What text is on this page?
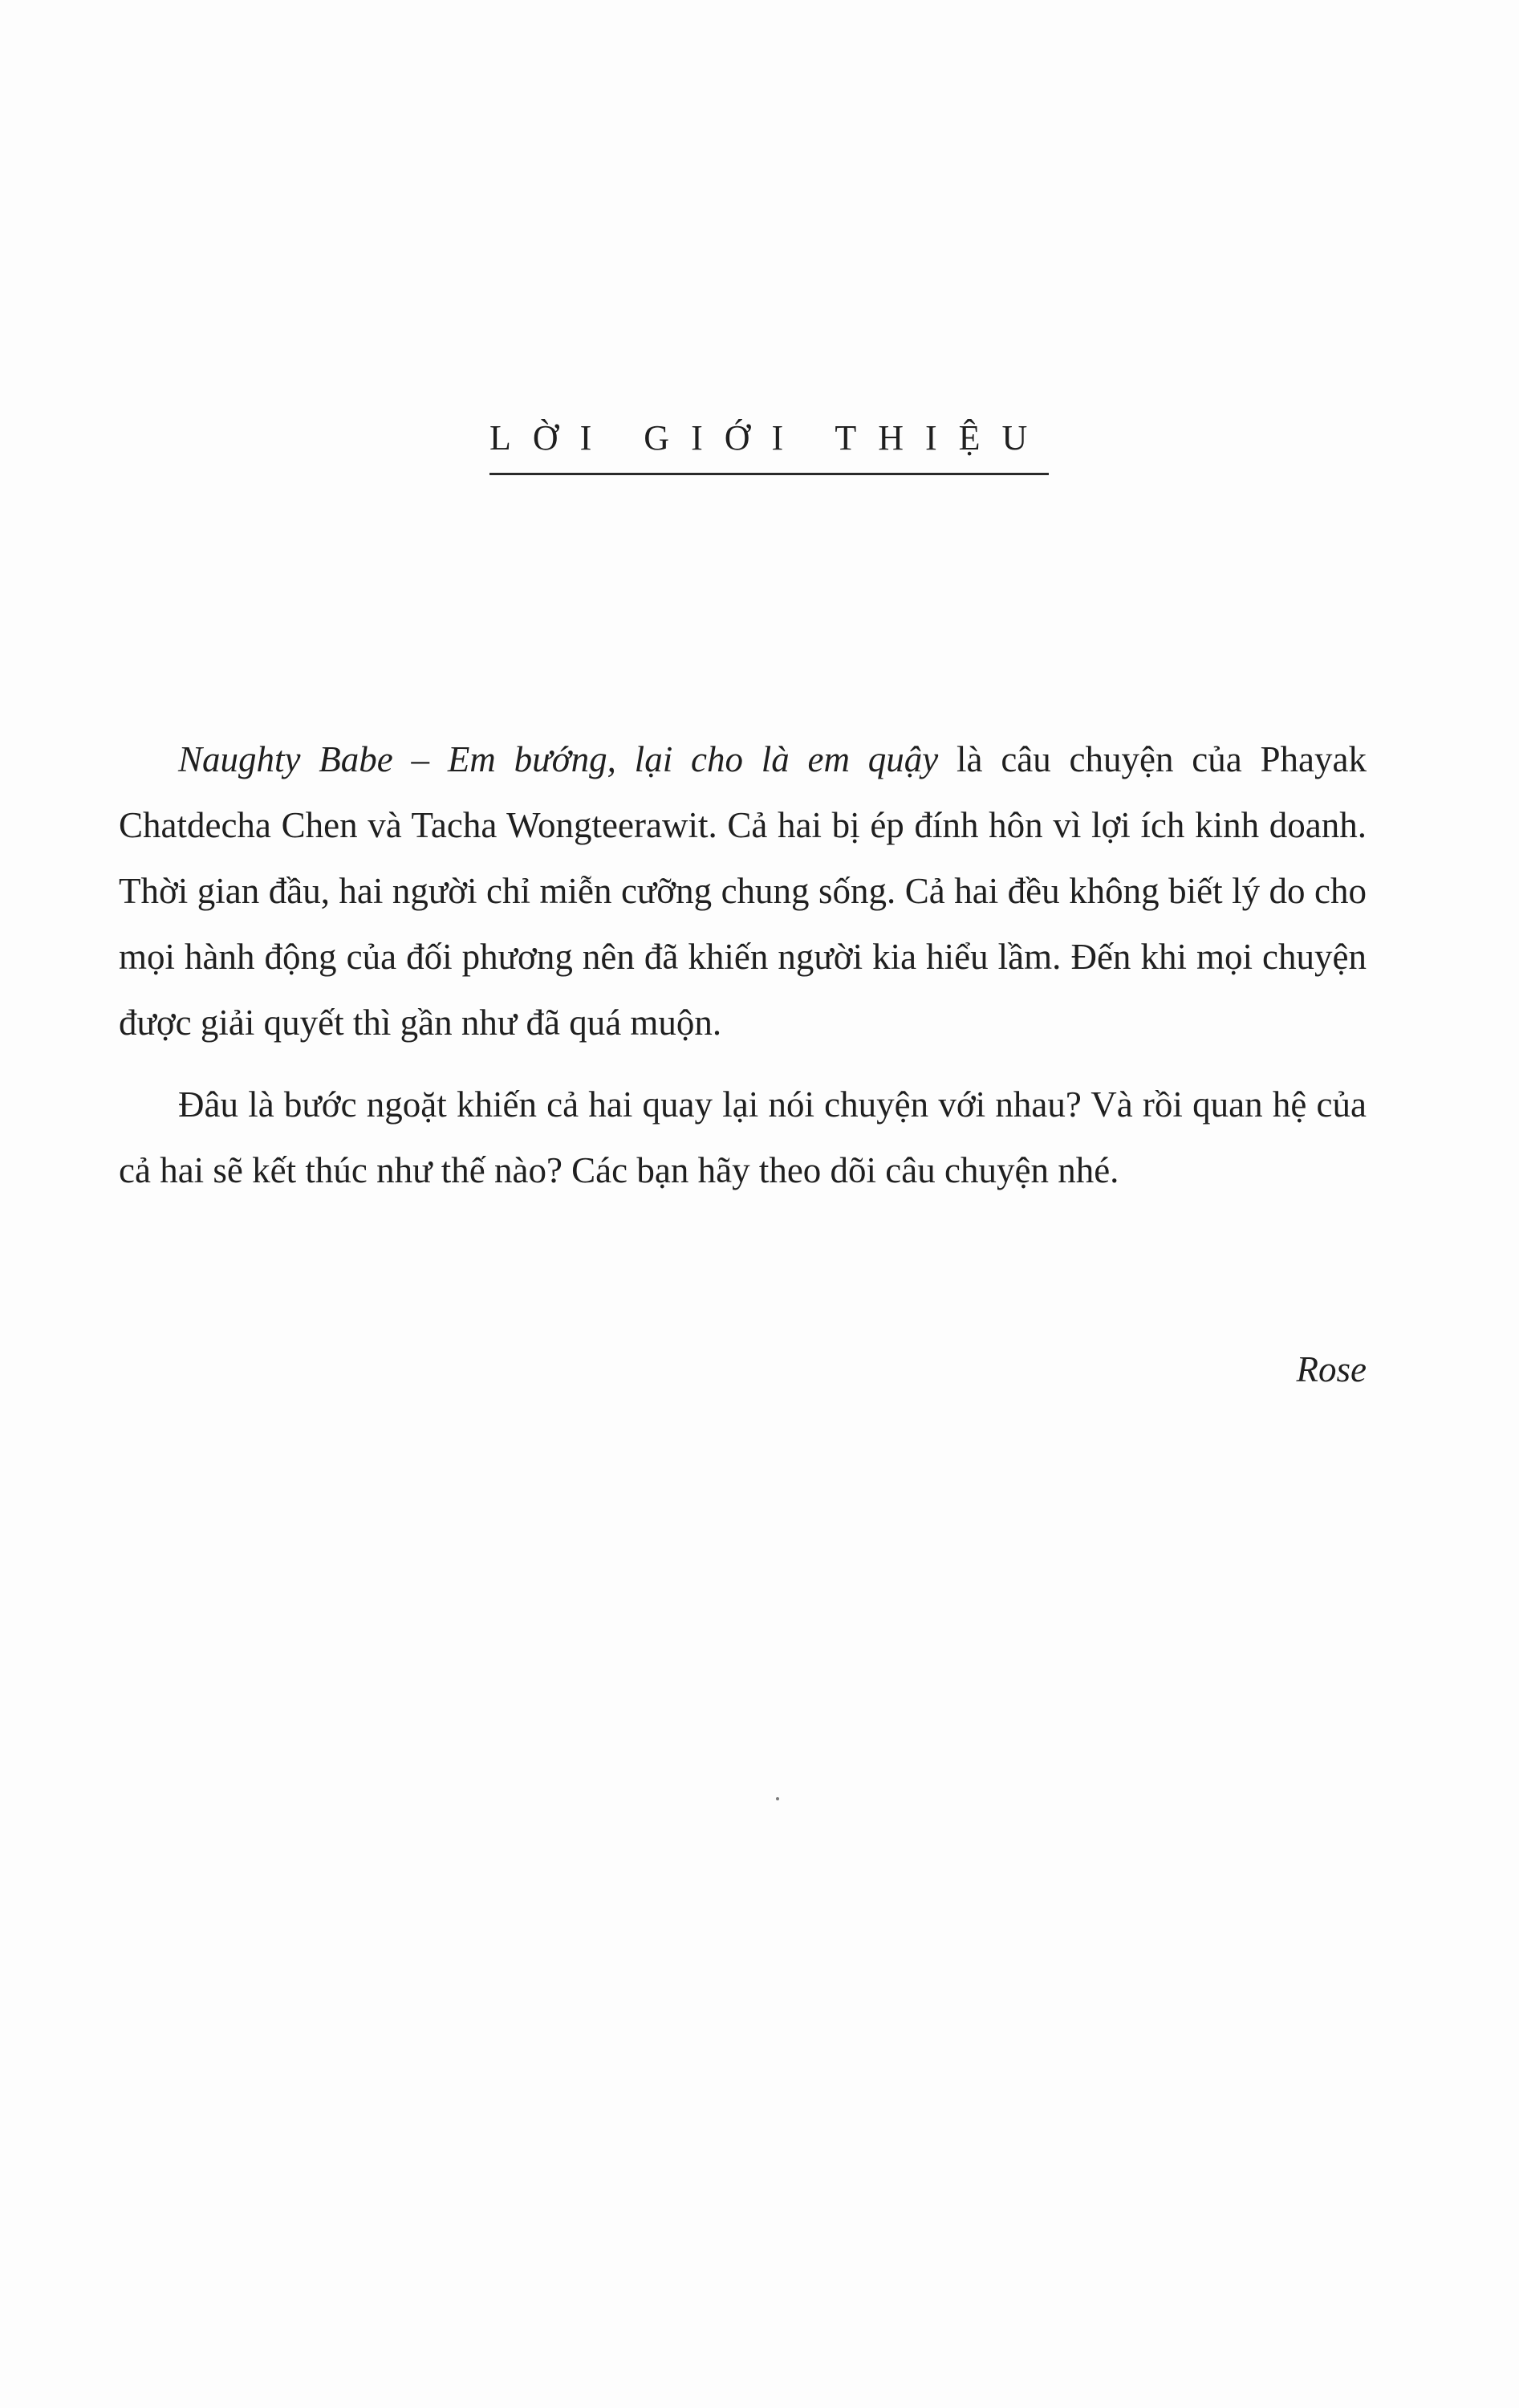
LỜI GIỚI THIỆU

Naughty Babe – Em bướng, lại cho là em quậy là câu chuyện của Phayak Chatdecha Chen và Tacha Wongteerawit. Cả hai bị ép đính hôn vì lợi ích kinh doanh. Thời gian đầu, hai người chỉ miễn cưỡng chung sống. Cả hai đều không biết lý do cho mọi hành động của đối phương nên đã khiến người kia hiểu lầm. Đến khi mọi chuyện được giải quyết thì gần như đã quá muộn.

Đâu là bước ngoặt khiến cả hai quay lại nói chuyện với nhau? Và rồi quan hệ của cả hai sẽ kết thúc như thế nào? Các bạn hãy theo dõi câu chuyện nhé.

Rose
